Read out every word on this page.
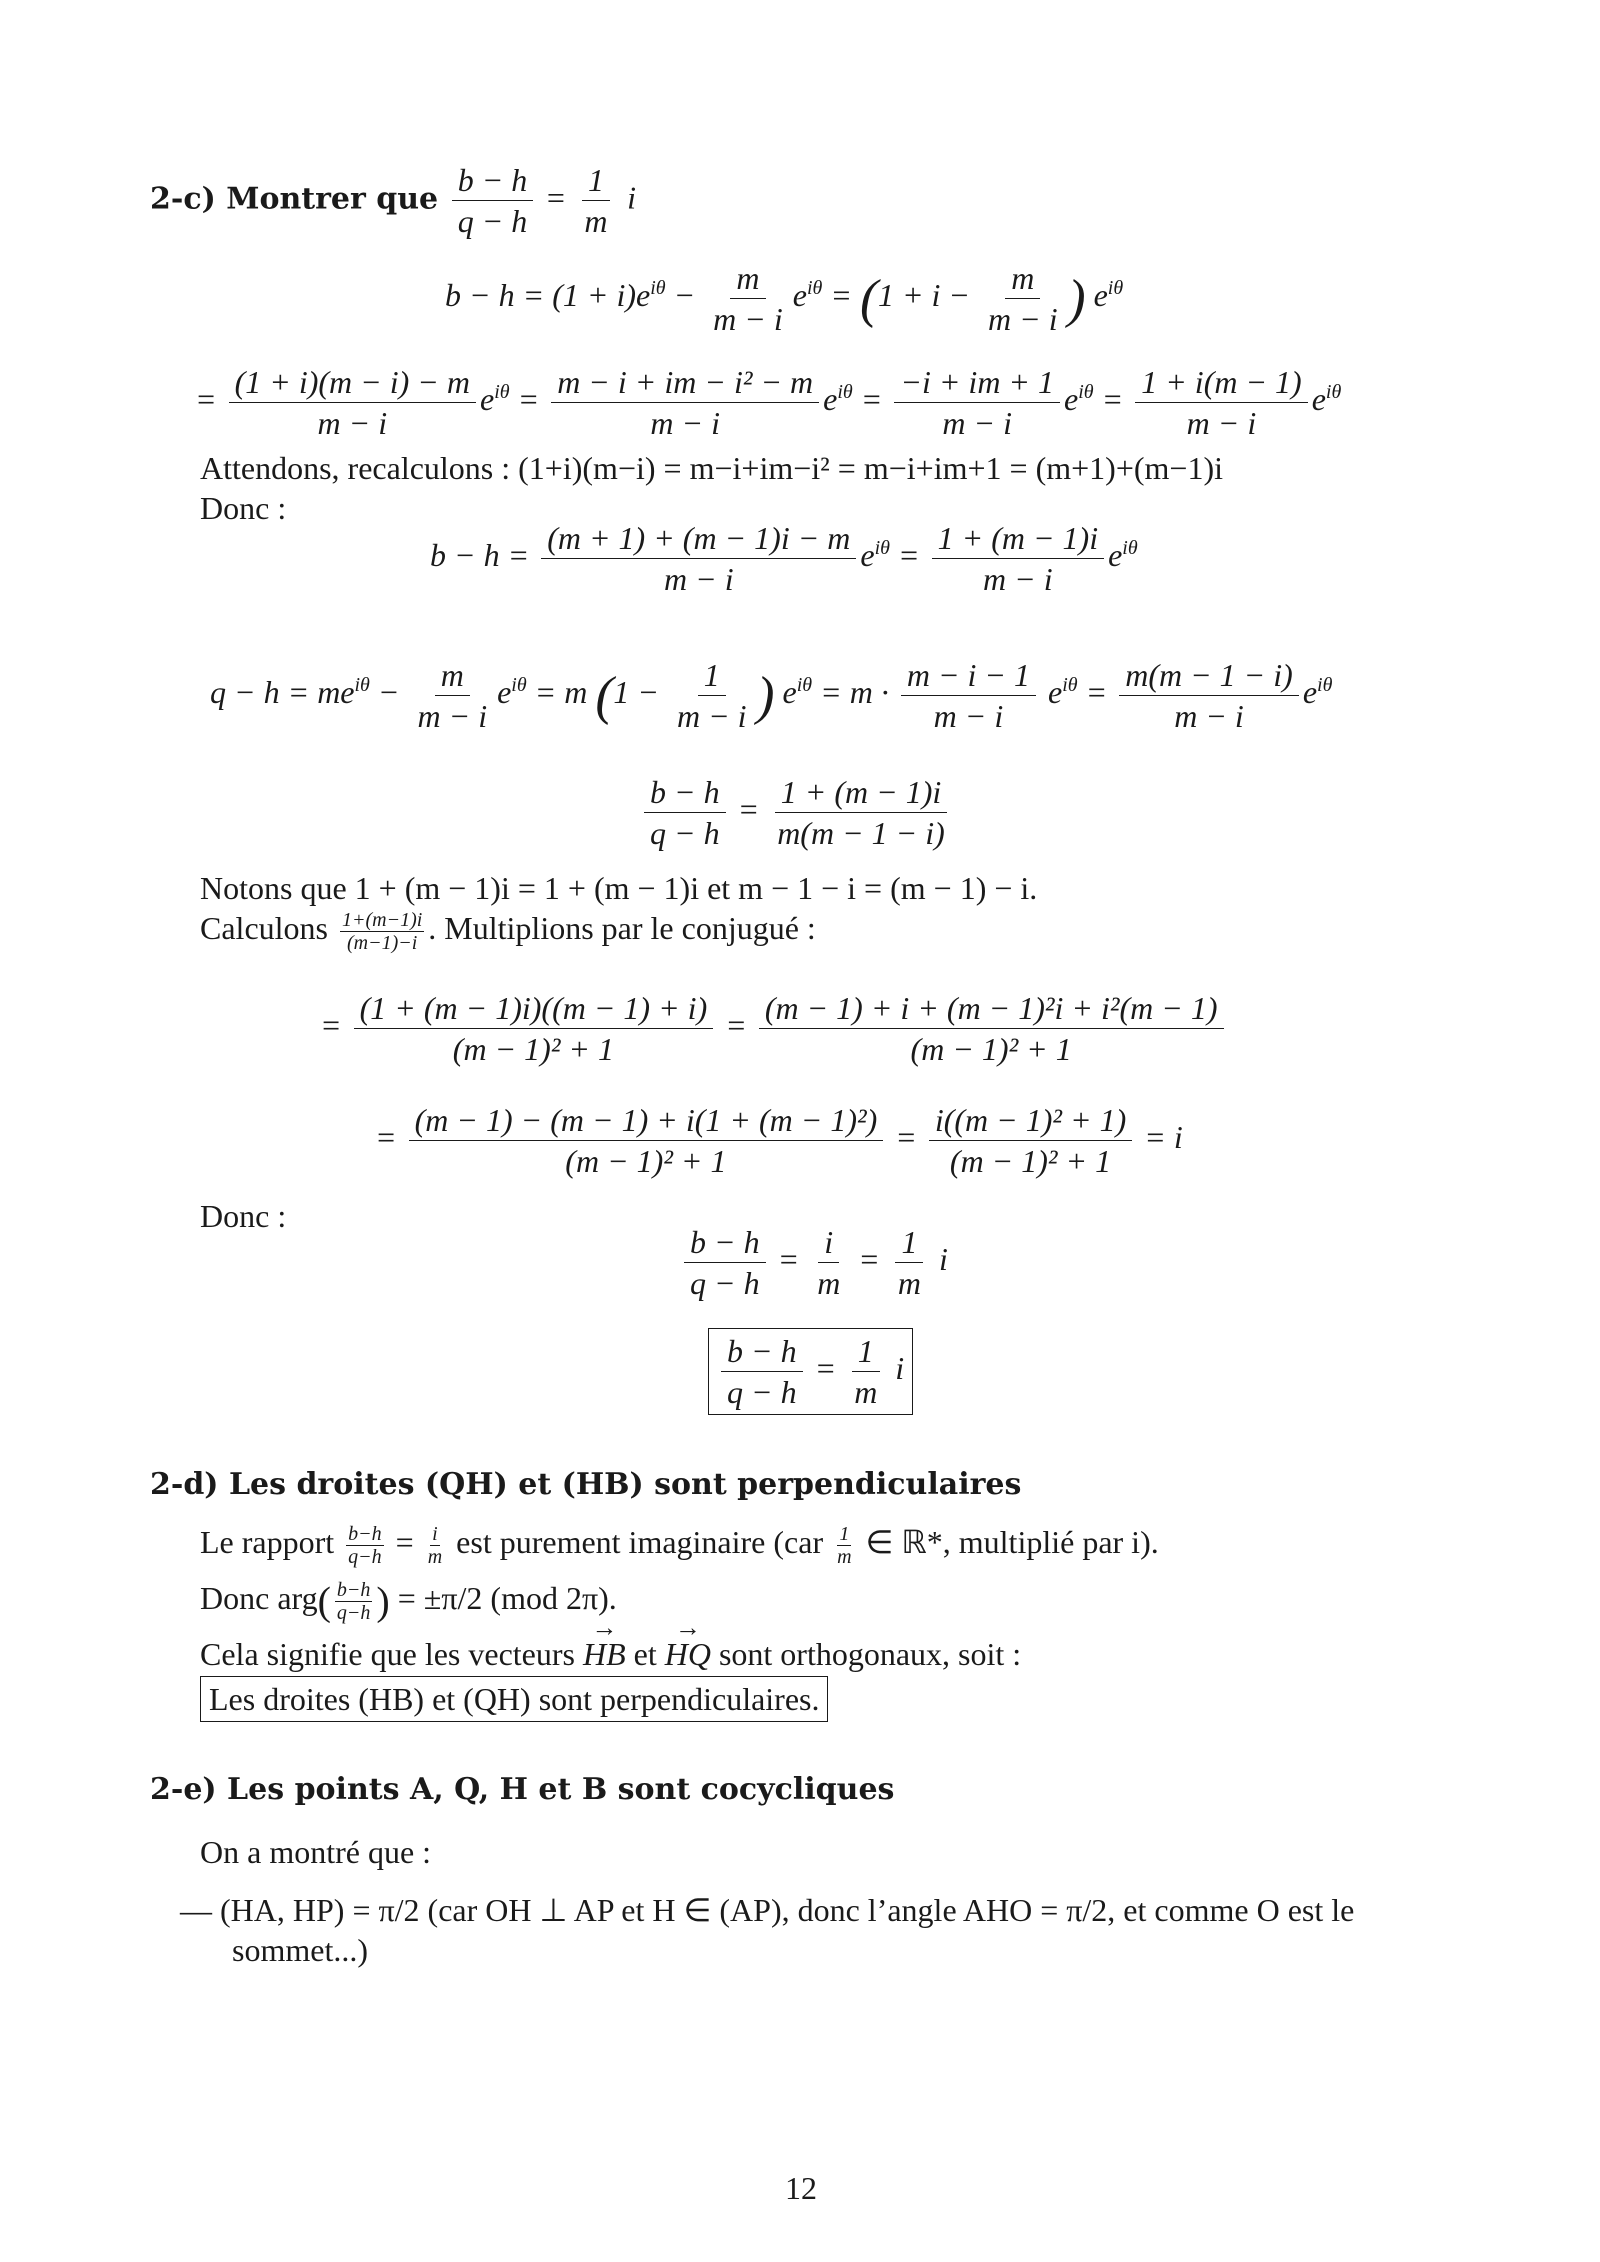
2-c) Montrer que $\frac{b - h}{q - h} = \frac{1}{m}$ i
$b - h = (1 + i)e^{i\theta} - \frac{m}{m - i} e^{i\theta} = (1 + i - \frac{m}{m - i}$ ) $e^{i\theta}$
= $\frac{(1 + i)(m - i) - m}{m - i} e^{i\theta} = \frac{\text{m − i + im − i² − m}}{m - i} e^{i\theta} = \frac{-i + im + 1}{m - i} e^{i\theta} = \frac{1 + i(m - 1)}{m - i} e^{i\theta}$
Attendons, recalculons : (1+i)(m−i) = m−i+im−i² = m−i+im+1 = (m+1)+(m−1)i
Donc :
$b - h = \frac{(m + 1) + (m - 1)i - m}{m - i} e^{i\theta} = \frac{1 + (m - 1)i}{m - i} e^{i\theta}$
$q - h = me^{i\theta} - \frac{m}{m - i} e^{i\theta} = m$ ($1 - \frac{1}{m - i}$ ) $e^{i\theta} = m \cdot \frac{m - i - 1}{m - i} e^{i\theta} = \frac{m(m - 1 - i)}{m - i} e^{i\theta}$
$\frac{b - h}{q - h} = \frac{1 + (m - 1)i}{m(m - 1 - i)}$
Notons que 1 + (m − 1)i = 1 + (m − 1)i et m − 1 − i = (m − 1) − i.
Calculons $\frac{1+(m-1)i}{(m-1)-i}$ . Multiplions par le conjugué :
= $\frac{(1 + (m - 1)i)((m - 1) + i)}{\text{(m − 1)² + 1}} = \frac{\text{(m − 1) + i + (m − 1)²i + i²(m − 1)}}{\text{(m − 1)² + 1}}$
= $\frac{\text{(m − 1) − (m − 1) + i(1 + (m − 1)²)}}{\text{(m − 1)² + 1}} = \frac{\text{i((m − 1)² + 1)}}{\text{(m − 1)² + 1}} = i$
Donc :
$\frac{b - h}{q - h} = \frac{i}{m} = \frac{1}{m}$ i
$\frac{b - h}{q - h} = \frac{1}{m}$ i
2-d) Les droites (QH) et (HB) sont perpendiculaires
Le rapport $\frac{b-h}{q-h} = \frac{i}{m}$ est purement imaginaire ($car \frac{1}{m}$ ∈ ℝ*, multiplié par i).
Donc $arg( \frac{b-h}{q-h}$ ) = ±π/2 (mod 2π).
Cela signifie que les vecteurs → HB et → HQ sont orthogonaux, soit :
Les droites (HB) et (QH) sont perpendiculaires.
2-e) Les points A, Q, H et B sont cocycliques
On a montré que :
— (HA, HP) = π/2 (car OH ⊥ AP et H ∈ (AP), donc l’angle AHO = π/2, et comme O est le
sommet...)
12
